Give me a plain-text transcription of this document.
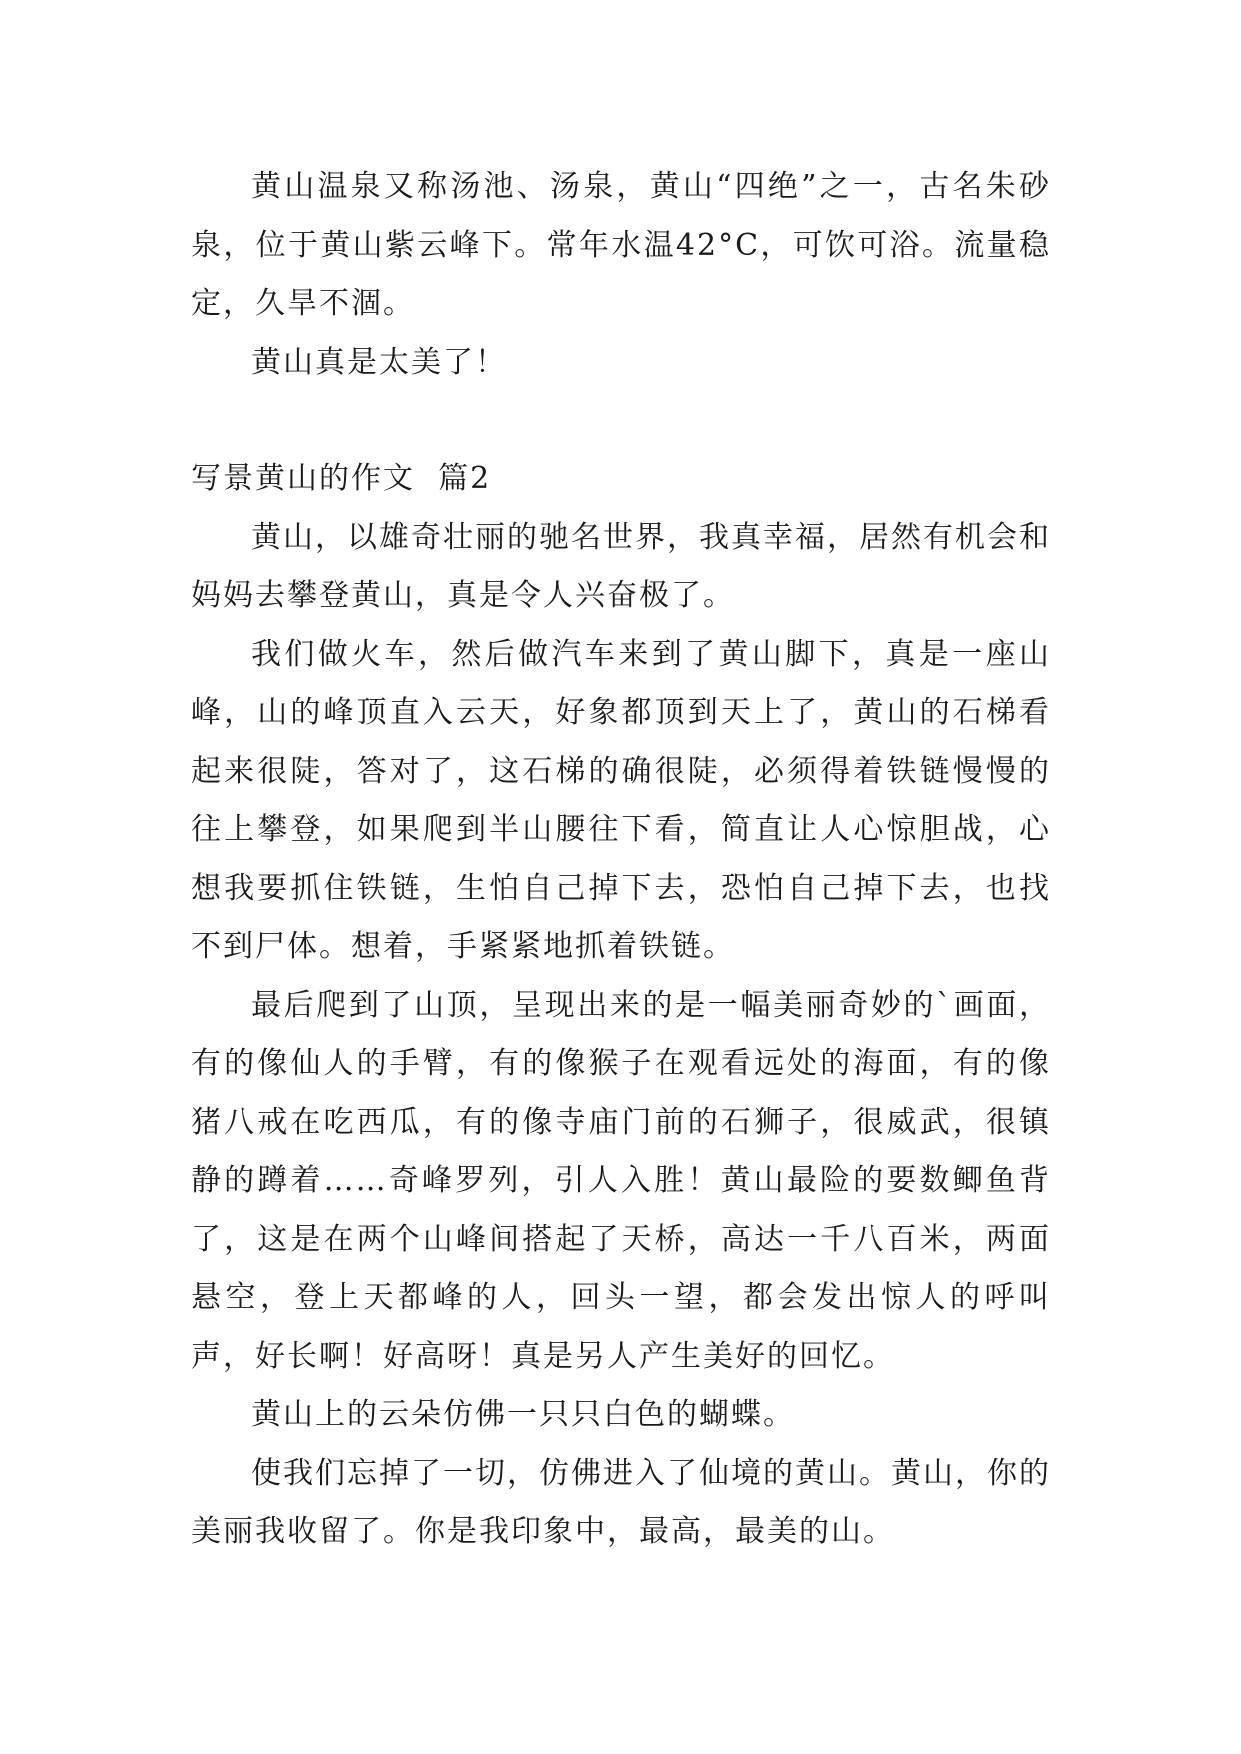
黄山温泉又称汤池、汤泉，黄山“四绝”之一，古名朱砂泉，位于黄山紫云峰下。常年水温42°C，可饮可浴。流量稳定，久旱不涸。

黄山真是太美了！

写景黄山的作文  篇2

黄山，以雄奇壮丽的驰名世界，我真幸福，居然有机会和妈妈去攀登黄山，真是令人兴奋极了。

我们做火车，然后做汽车来到了黄山脚下，真是一座山峰，山的峰顶直入云天，好象都顶到天上了，黄山的石梯看起来很陡，答对了，这石梯的确很陡，必须得着铁链慢慢的往上攀登，如果爬到半山腰往下看，简直让人心惊胆战，心想我要抓住铁链，生怕自己掉下去，恐怕自己掉下去，也找不到尸体。想着，手紧紧地抓着铁链。

最后爬到了山顶，呈现出来的是一幅美丽奇妙的`画面，有的像仙人的手臂，有的像猴子在观看远处的海面，有的像猪八戒在吃西瓜，有的像寺庙门前的石狮子，很威武，很镇静的蹲着……奇峰罗列，引人入胜！黄山最险的要数鲫鱼背了，这是在两个山峰间搭起了天桥，高达一千八百米，两面悬空，登上天都峰的人，回头一望，都会发出惊人的呼叫声，好长啊！好高呀！真是另人产生美好的回忆。

黄山上的云朵仿佛一只只白色的蝴蝶。

使我们忘掉了一切，仿佛进入了仙境的黄山。黄山，你的美丽我收留了。你是我印象中，最高，最美的山。
